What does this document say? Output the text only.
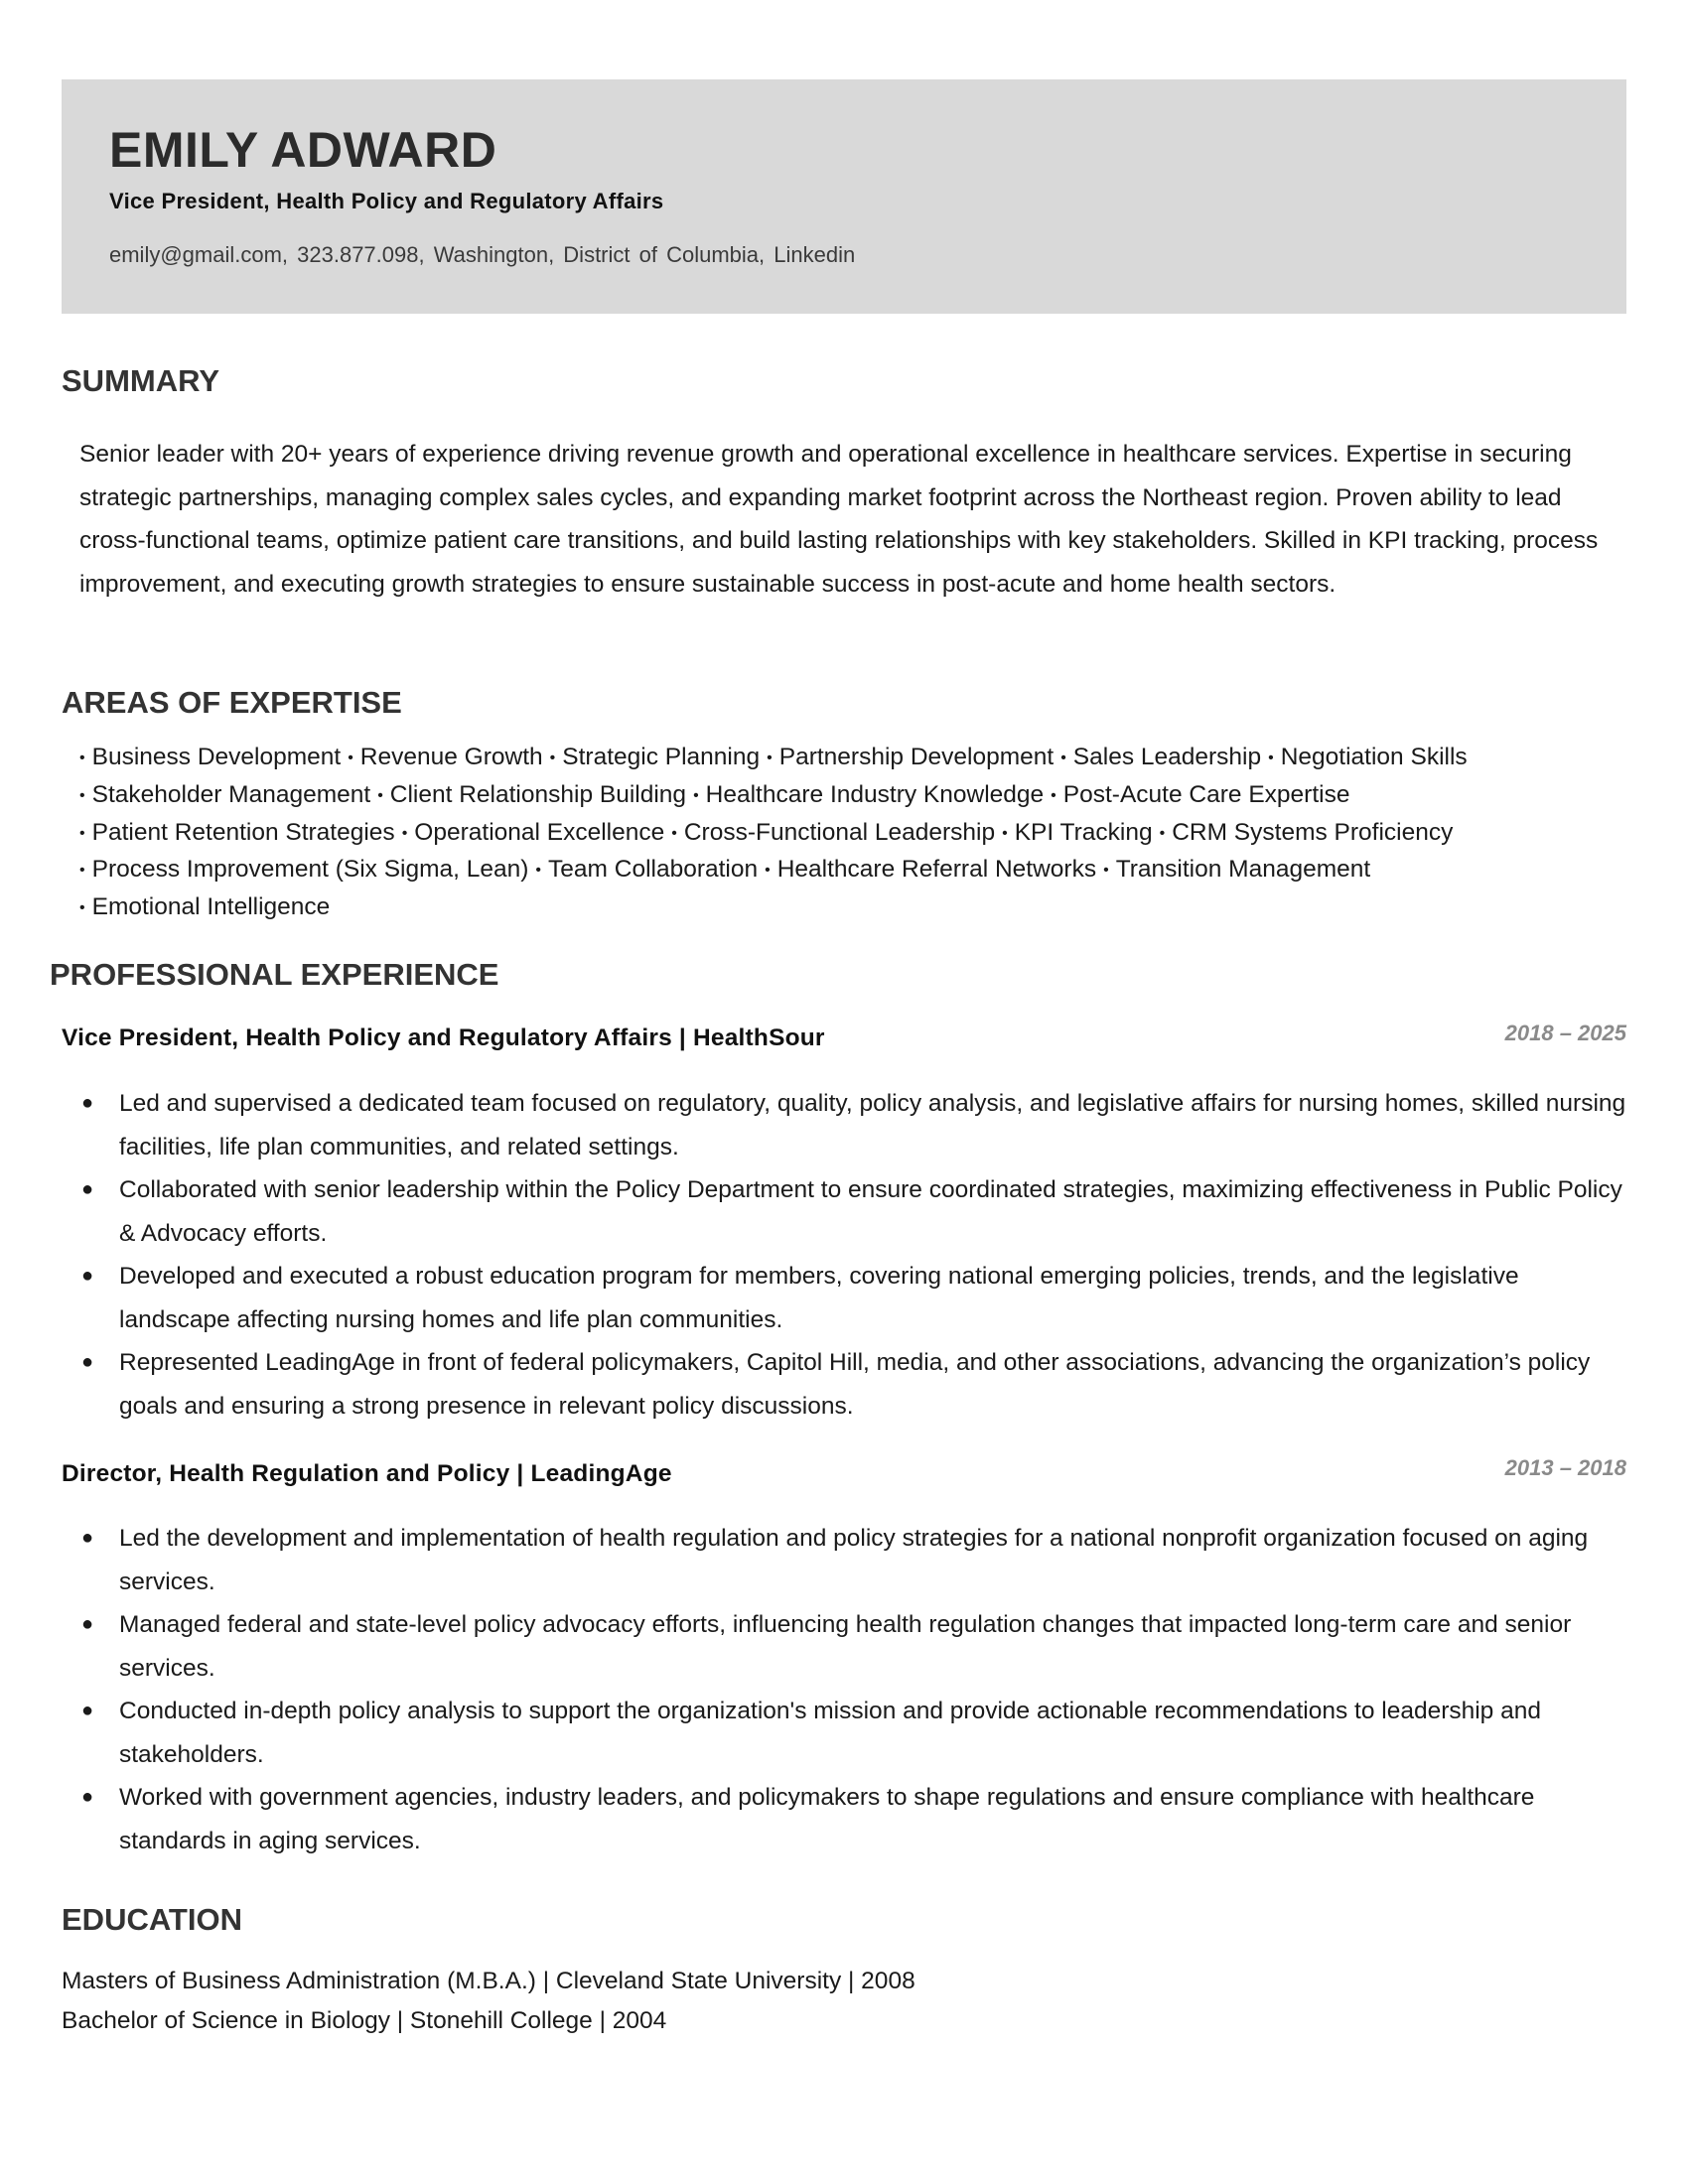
EMILY ADWARD
Vice President, Health Policy and Regulatory Affairs
emily@gmail.com, 323.877.098, Washington, District of Columbia, Linkedin
SUMMARY

Senior leader with 20+ years of experience driving revenue growth and operational excellence in healthcare services. Expertise in securing strategic partnerships, managing complex sales cycles, and expanding market footprint across the Northeast region. Proven ability to lead cross-functional teams, optimize patient care transitions, and build lasting relationships with key stakeholders. Skilled in KPI tracking, process improvement, and executing growth strategies to ensure sustainable success in post-acute and home health sectors.

AREAS OF EXPERTISE
• Business Development • Revenue Growth • Strategic Planning • Partnership Development • Sales Leadership • Negotiation Skills
• Stakeholder Management • Client Relationship Building • Healthcare Industry Knowledge • Post-Acute Care Expertise
• Patient Retention Strategies • Operational Excellence • Cross-Functional Leadership • KPI Tracking • CRM Systems Proficiency
• Process Improvement (Six Sigma, Lean) • Team Collaboration • Healthcare Referral Networks • Transition Management
• Emotional Intelligence
PROFESSIONAL EXPERIENCE
Vice President, Health Policy and Regulatory Affairs | HealthSour	2018 – 2025
● Led and supervised a dedicated team focused on regulatory, quality, policy analysis, and legislative affairs for nursing homes, skilled nursing facilities, life plan communities, and related settings.
● Collaborated with senior leadership within the Policy Department to ensure coordinated strategies, maximizing effectiveness in Public Policy & Advocacy efforts.
● Developed and executed a robust education program for members, covering national emerging policies, trends, and the legislative landscape affecting nursing homes and life plan communities.
● Represented LeadingAge in front of federal policymakers, Capitol Hill, media, and other associations, advancing the organization’s policy goals and ensuring a strong presence in relevant policy discussions.
Director, Health Regulation and Policy | LeadingAge	2013 – 2018
● Led the development and implementation of health regulation and policy strategies for a national nonprofit organization focused on aging services.
● Managed federal and state-level policy advocacy efforts, influencing health regulation changes that impacted long-term care and senior services.
● Conducted in-depth policy analysis to support the organization's mission and provide actionable recommendations to leadership and stakeholders.
● Worked with government agencies, industry leaders, and policymakers to shape regulations and ensure compliance with healthcare standards in aging services.
EDUCATION
Masters of Business Administration (M.B.A.) | Cleveland State University | 2008
Bachelor of Science in Biology | Stonehill College | 2004
